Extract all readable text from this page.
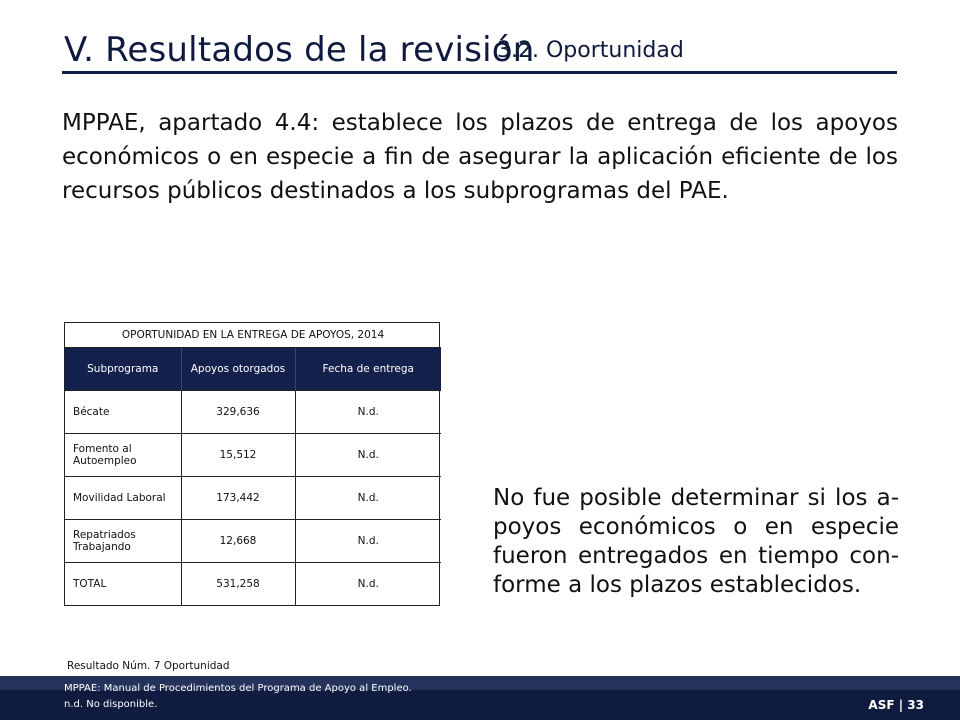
V. Resultados de la revisión
3.2. Oportunidad
MPPAE, apartado 4.4: establece los plazos de entrega de los apoyos económicos o en especie a fin de asegurar la aplicación eficiente de los recursos públicos destinados a los subprogramas del PAE.
OPORTUNIDAD EN LA ENTREGA DE APOYOS, 2014		
Subprograma	Apoyos otorgados	Fecha de entrega
Bécate	329,636	N.d.
Fomento al Autoempleo	15,512	N.d.
Movilidad Laboral	173,442	N.d.
Repatriados Trabajando	12,668	N.d.
TOTAL	531,258	N.d.
No fue posible determinar si los a-poyos económicos o en especie fueron entregados en tiempo con-forme a los plazos establecidos.
Resultado Núm. 7 Oportunidad
MPPAE: Manual de Procedimientos del Programa de Apoyo al Empleo.
n.d. No disponible.	ASF | 33
